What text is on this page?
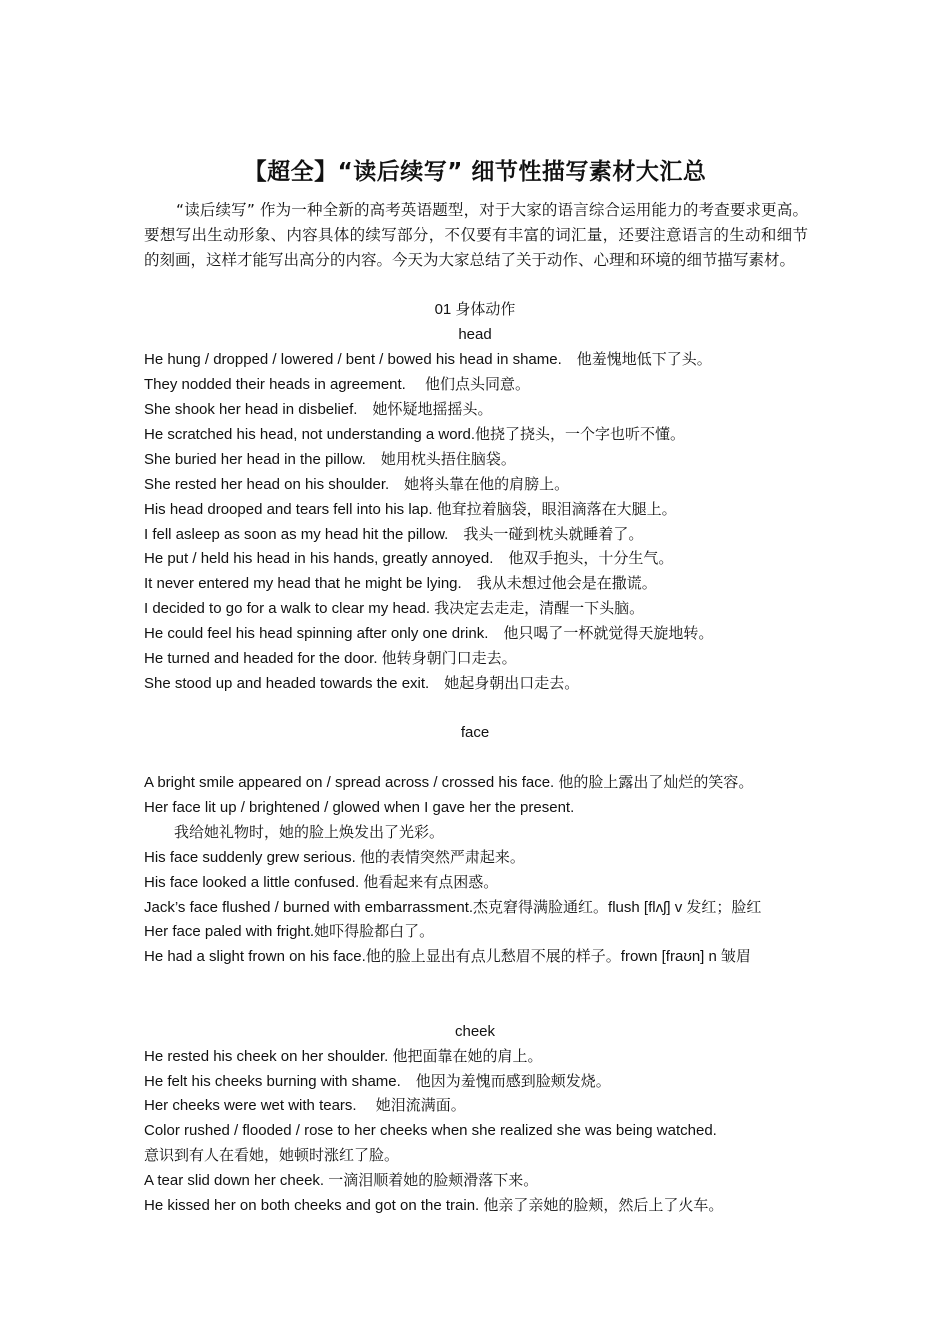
【超全】“读后续写” 细节性描写素材大汇总
“读后续写” 作为一种全新的高考英语题型，对于大家的语言综合运用能力的考查要求更高。要想写出生动形象、内容具体的续写部分，不仅要有丰富的词汇量，还要注意语言的生动和细节的刻画，这样才能写出高分的内容。今天为大家总结了关于动作、心理和环境的细节描写素材。
01 身体动作
head
He hung / dropped / lowered / bent / bowed his head in shame.　他羞愧地低下了头。
They nodded their heads in agreement.　 他们点头同意。
She shook her head in disbelief.　她怀疑地摇摇头。
He scratched his head, not understanding a word.他挠了挠头，一个字也听不懂。
She buried her head in the pillow.　她用枕头捂住脑袋。
She rested her head on his shoulder.　她将头靠在他的肩膀上。
His head drooped and tears fell into his lap. 他耷拉着脑袋，眼泪滴落在大腿上。
I fell asleep as soon as my head hit the pillow.　我头一碰到枕头就睡着了。
He put / held his head in his hands, greatly annoyed.　他双手抱头，十分生气。
It never entered my head that he might be lying.　我从未想过他会是在撒谎。
I decided to go for a walk to clear my head. 我决定去走走，清醒一下头脑。
He could feel his head spinning after only one drink.　他只喝了一杯就觉得天旋地转。
He turned and headed for the door. 他转身朝门口走去。
She stood up and headed towards the exit.　她起身朝出口走去。
face
A bright smile appeared on / spread across / crossed his face. 他的脸上露出了灿烂的笑容。
Her face lit up / brightened / glowed when I gave her the present.
　　我给她礼物时，她的脸上焕发出了光彩。
His face suddenly grew serious. 他的表情突然严肃起来。
His face looked a little confused. 他看起来有点困惑。
Jack’s face flushed / burned with embarrassment.杰克窘得满脸通红。flush [flʌʃ] v 发红；脸红
Her face paled with fright.她吓得脸都白了。
He had a slight frown on his face.他的脸上显出有点儿愁眉不展的样子。frown [fraʊn] n 皱眉
cheek
He rested his cheek on her shoulder. 他把面靠在她的肩上。
He felt his cheeks burning with shame.　他因为羞愧而感到脸颊发烧。
Her cheeks were wet with tears.　 她泪流满面。
Color rushed / flooded / rose to her cheeks when she realized she was being watched.
意识到有人在看她，她顿时涨红了脸。
A tear slid down her cheek. 一滴泪顺着她的脸颊滑落下来。
He kissed her on both cheeks and got on the train. 他亲了亲她的脸颊，然后上了火车。
